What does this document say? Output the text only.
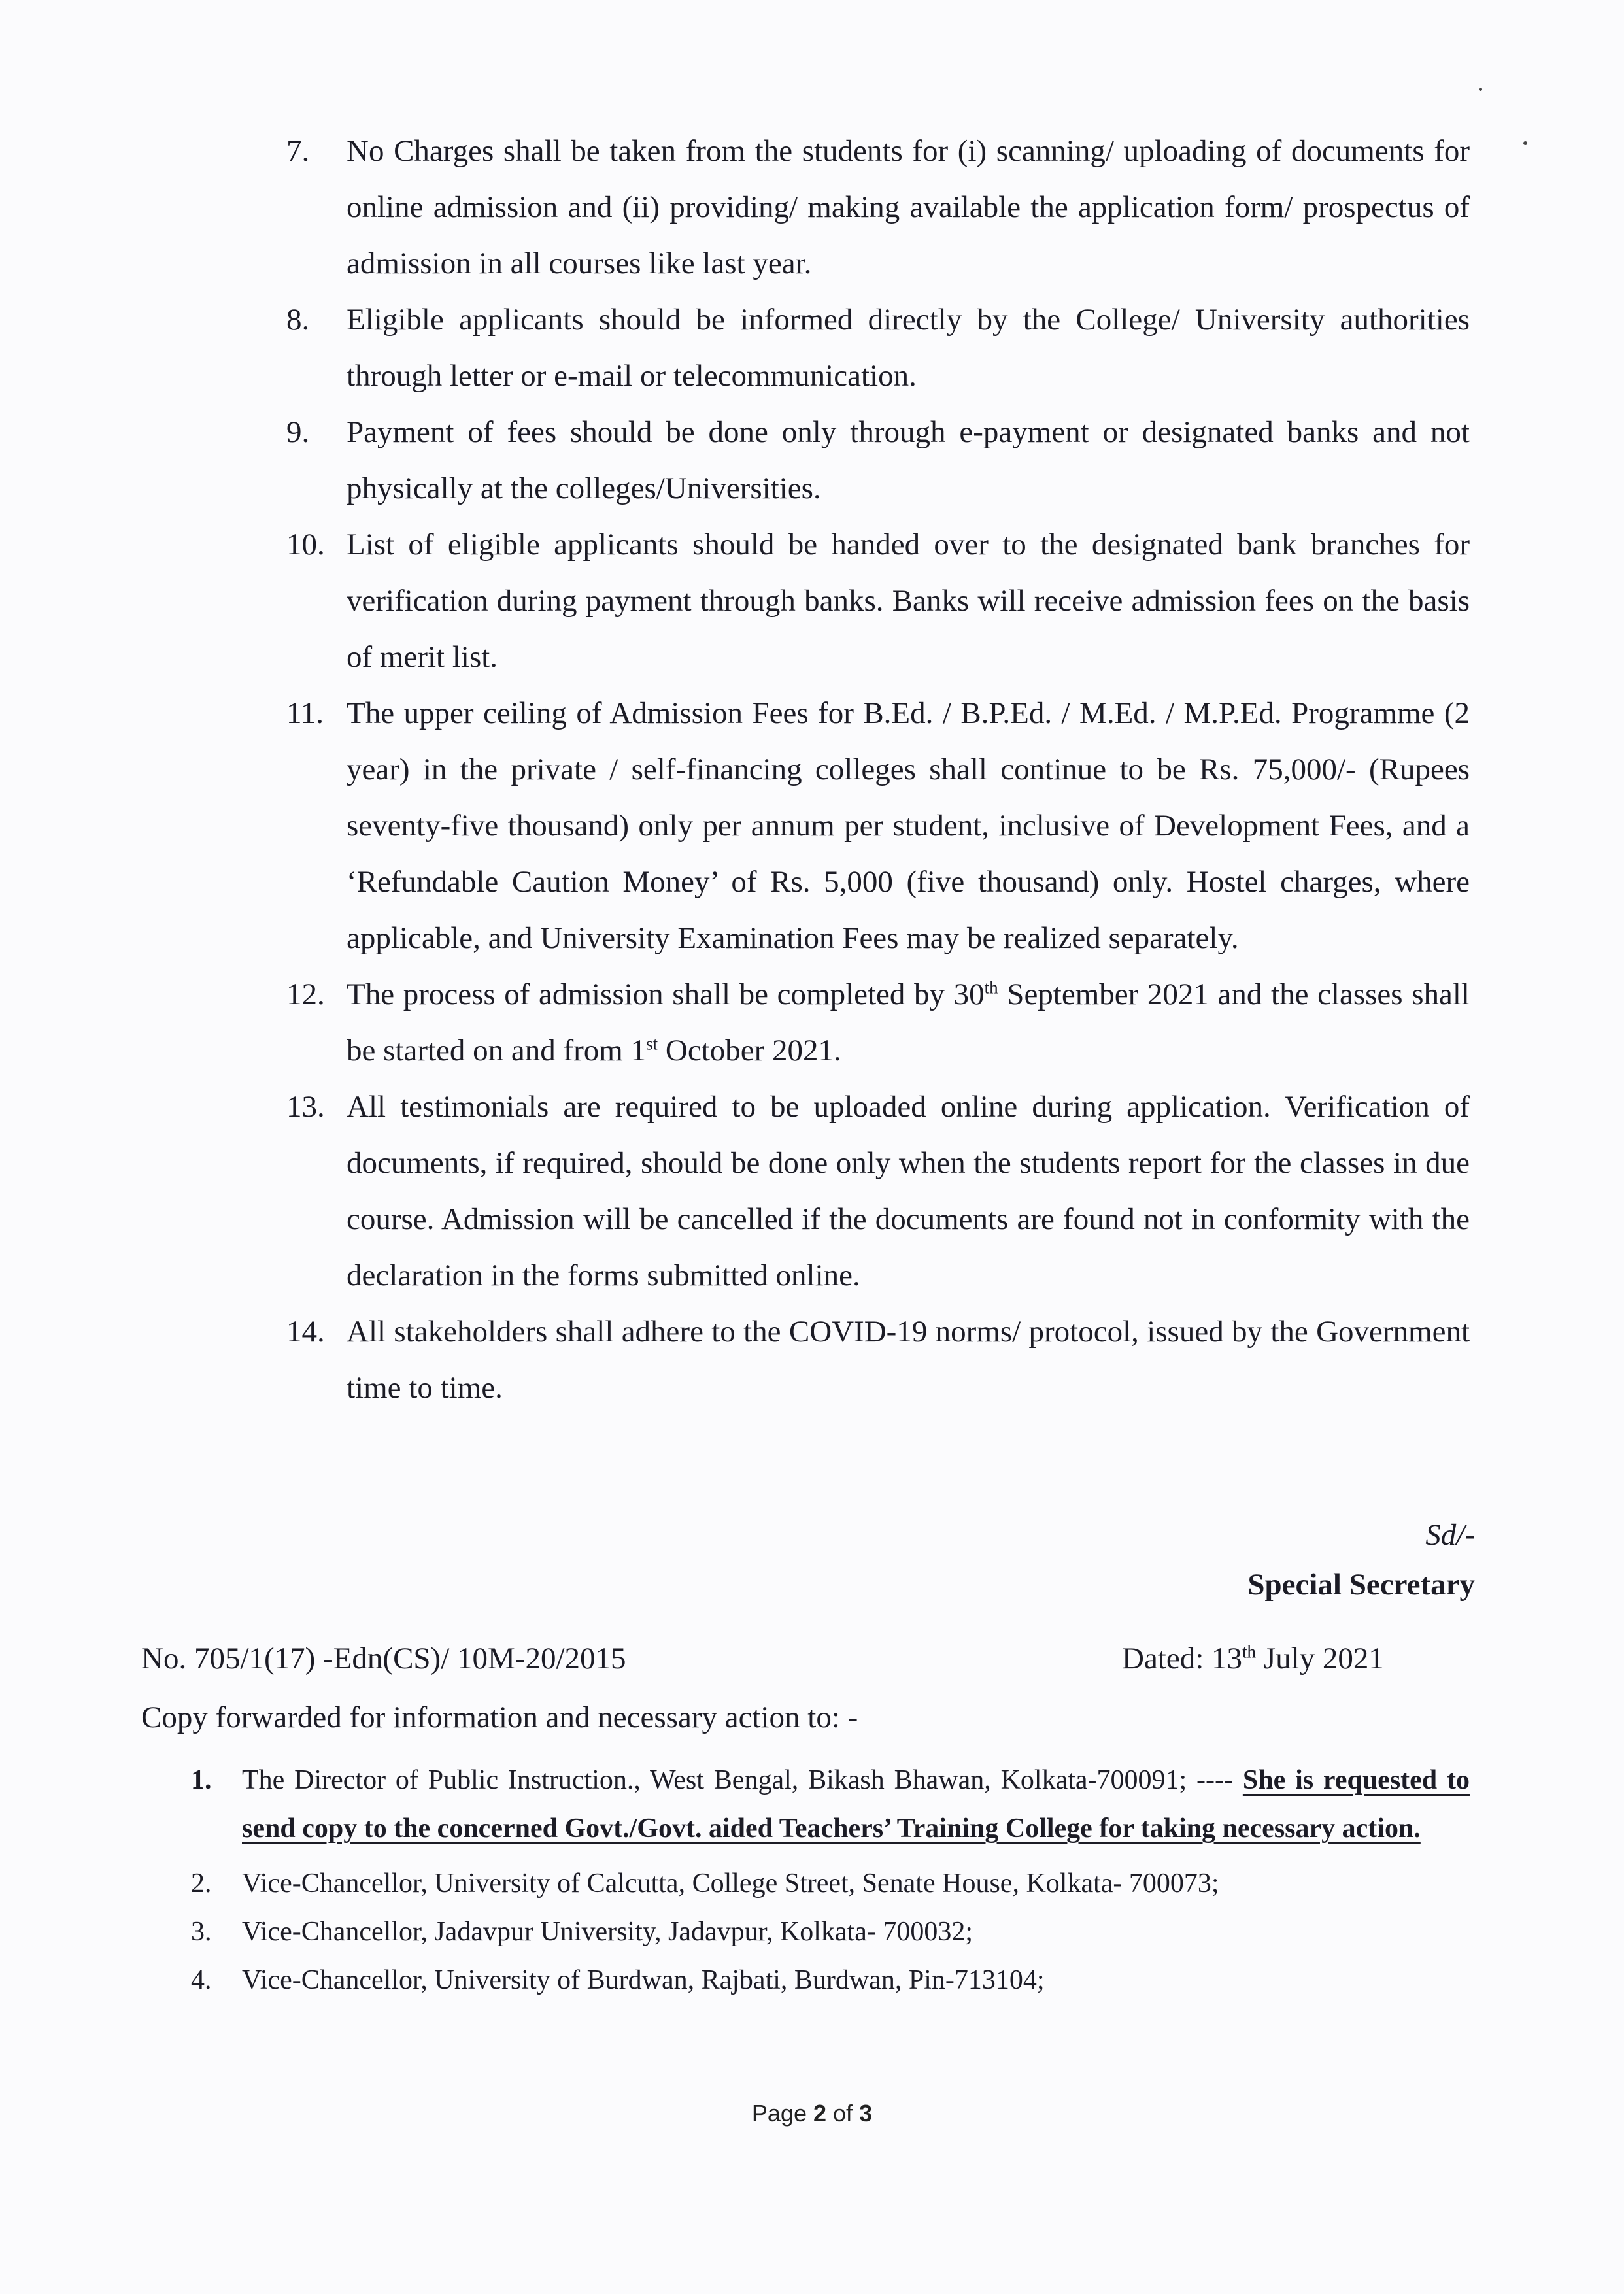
7. No Charges shall be taken from the students for (i) scanning/ uploading of documents for online admission and (ii) providing/ making available the application form/ prospectus of admission in all courses like last year.
8. Eligible applicants should be informed directly by the College/ University authorities through letter or e-mail or telecommunication.
9. Payment of fees should be done only through e-payment or designated banks and not physically at the colleges/Universities.
10. List of eligible applicants should be handed over to the designated bank branches for verification during payment through banks. Banks will receive admission fees on the basis of merit list.
11. The upper ceiling of Admission Fees for B.Ed. / B.P.Ed. / M.Ed. / M.P.Ed. Programme (2 year) in the private / self-financing colleges shall continue to be Rs. 75,000/- (Rupees seventy-five thousand) only per annum per student, inclusive of Development Fees, and a ‘Refundable Caution Money’ of Rs. 5,000 (five thousand) only. Hostel charges, where applicable, and University Examination Fees may be realized separately.
12. The process of admission shall be completed by 30th September 2021 and the classes shall be started on and from 1st October 2021.
13. All testimonials are required to be uploaded online during application. Verification of documents, if required, should be done only when the students report for the classes in due course. Admission will be cancelled if the documents are found not in conformity with the declaration in the forms submitted online.
14. All stakeholders shall adhere to the COVID-19 norms/ protocol, issued by the Government time to time.
Sd/-
Special Secretary
No. 705/1(17) -Edn(CS)/ 10M-20/2015	Dated: 13th July 2021
Copy forwarded for information and necessary action to: -
1. The Director of Public Instruction., West Bengal, Bikash Bhawan, Kolkata-700091; ---- She is requested to send copy to the concerned Govt./Govt. aided Teachers’ Training College for taking necessary action.
2. Vice-Chancellor, University of Calcutta, College Street, Senate House, Kolkata- 700073;
3. Vice-Chancellor, Jadavpur University, Jadavpur, Kolkata- 700032;
4. Vice-Chancellor, University of Burdwan, Rajbati, Burdwan, Pin-713104;
Page 2 of 3
